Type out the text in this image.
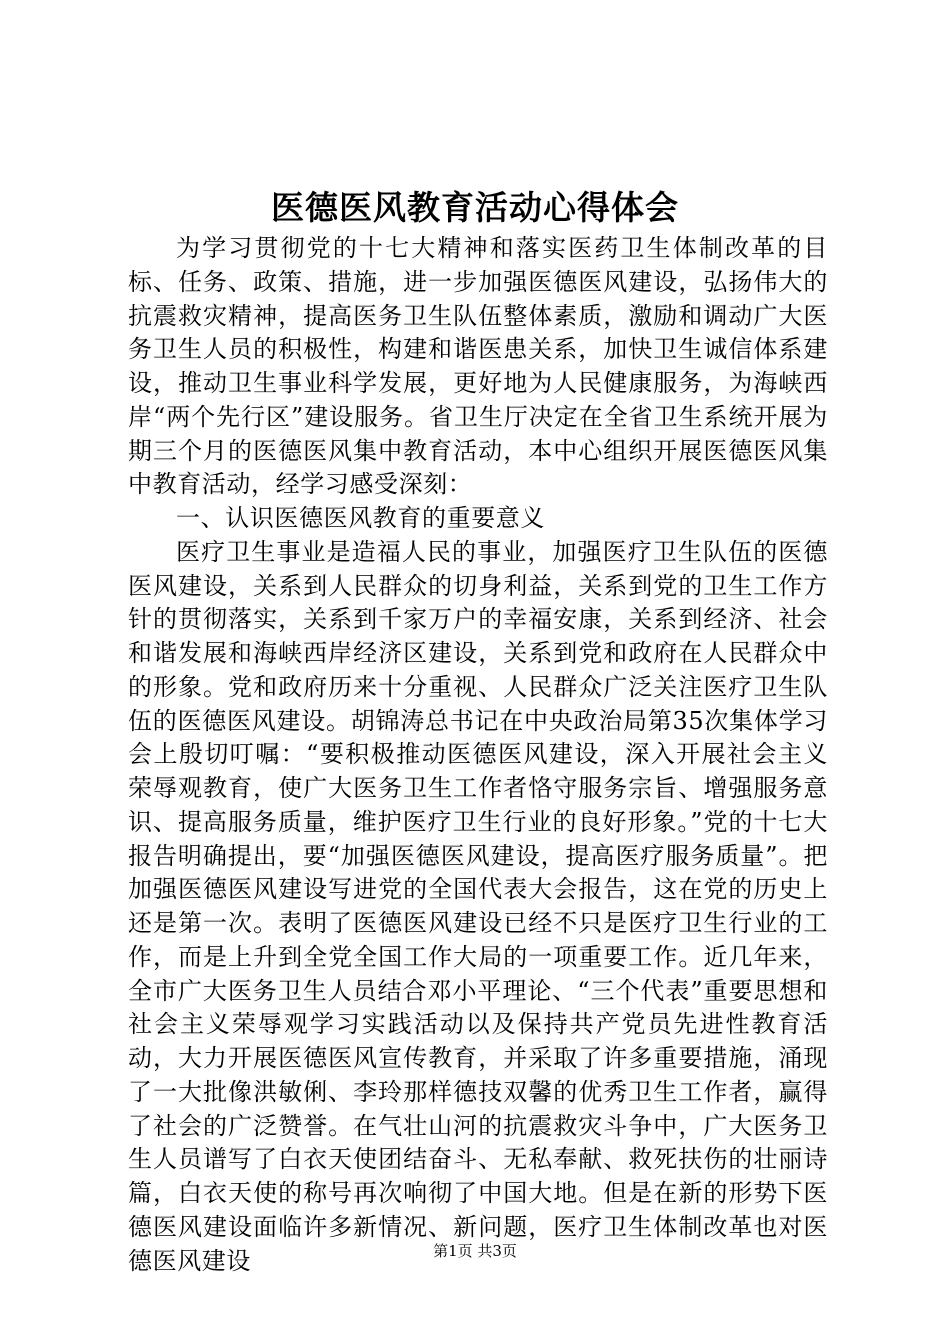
医德医风教育活动心得体会

为学习贯彻党的十七大精神和落实医药卫生体制改革的目标、任务、政策、措施，进一步加强医德医风建设，弘扬伟大的抗震救灾精神，提高医务卫生队伍整体素质，激励和调动广大医务卫生人员的积极性，构建和谐医患关系，加快卫生诚信体系建设，推动卫生事业科学发展，更好地为人民健康服务，为海峡西岸“两个先行区”建设服务。省卫生厅决定在全省卫生系统开展为期三个月的医德医风集中教育活动，本中心组织开展医德医风集中教育活动，经学习感受深刻：

一、认识医德医风教育的重要意义

医疗卫生事业是造福人民的事业，加强医疗卫生队伍的医德医风建设，关系到人民群众的切身利益，关系到党的卫生工作方针的贯彻落实，关系到千家万户的幸福安康，关系到经济、社会和谐发展和海峡西岸经济区建设，关系到党和政府在人民群众中的形象。党和政府历来十分重视、人民群众广泛关注医疗卫生队伍的医德医风建设。胡锦涛总书记在中央政治局第35次集体学习会上殷切叮嘱：“要积极推动医德医风建设，深入开展社会主义荣辱观教育，使广大医务卫生工作者恪守服务宗旨、增强服务意识、提高服务质量，维护医疗卫生行业的良好形象。”党的十七大报告明确提出，要“加强医德医风建设，提高医疗服务质量”。把加强医德医风建设写进党的全国代表大会报告，这在党的历史上还是第一次。表明了医德医风建设已经不只是医疗卫生行业的工作，而是上升到全党全国工作大局的一项重要工作。近几年来，全市广大医务卫生人员结合邓小平理论、“三个代表”重要思想和社会主义荣辱观学习实践活动以及保持共产党员先进性教育活动，大力开展医德医风宣传教育，并采取了许多重要措施，涌现了一大批像洪敏俐、李玲那样德技双馨的优秀卫生工作者，赢得了社会的广泛赞誉。在气壮山河的抗震救灾斗争中，广大医务卫生人员谱写了白衣天使团结奋斗、无私奉献、救死扶伤的壮丽诗篇，白衣天使的称号再次响彻了中国大地。但是在新的形势下医德医风建设面临许多新情况、新问题，医疗卫生体制改革也对医德医风建设	第1页 共3页
